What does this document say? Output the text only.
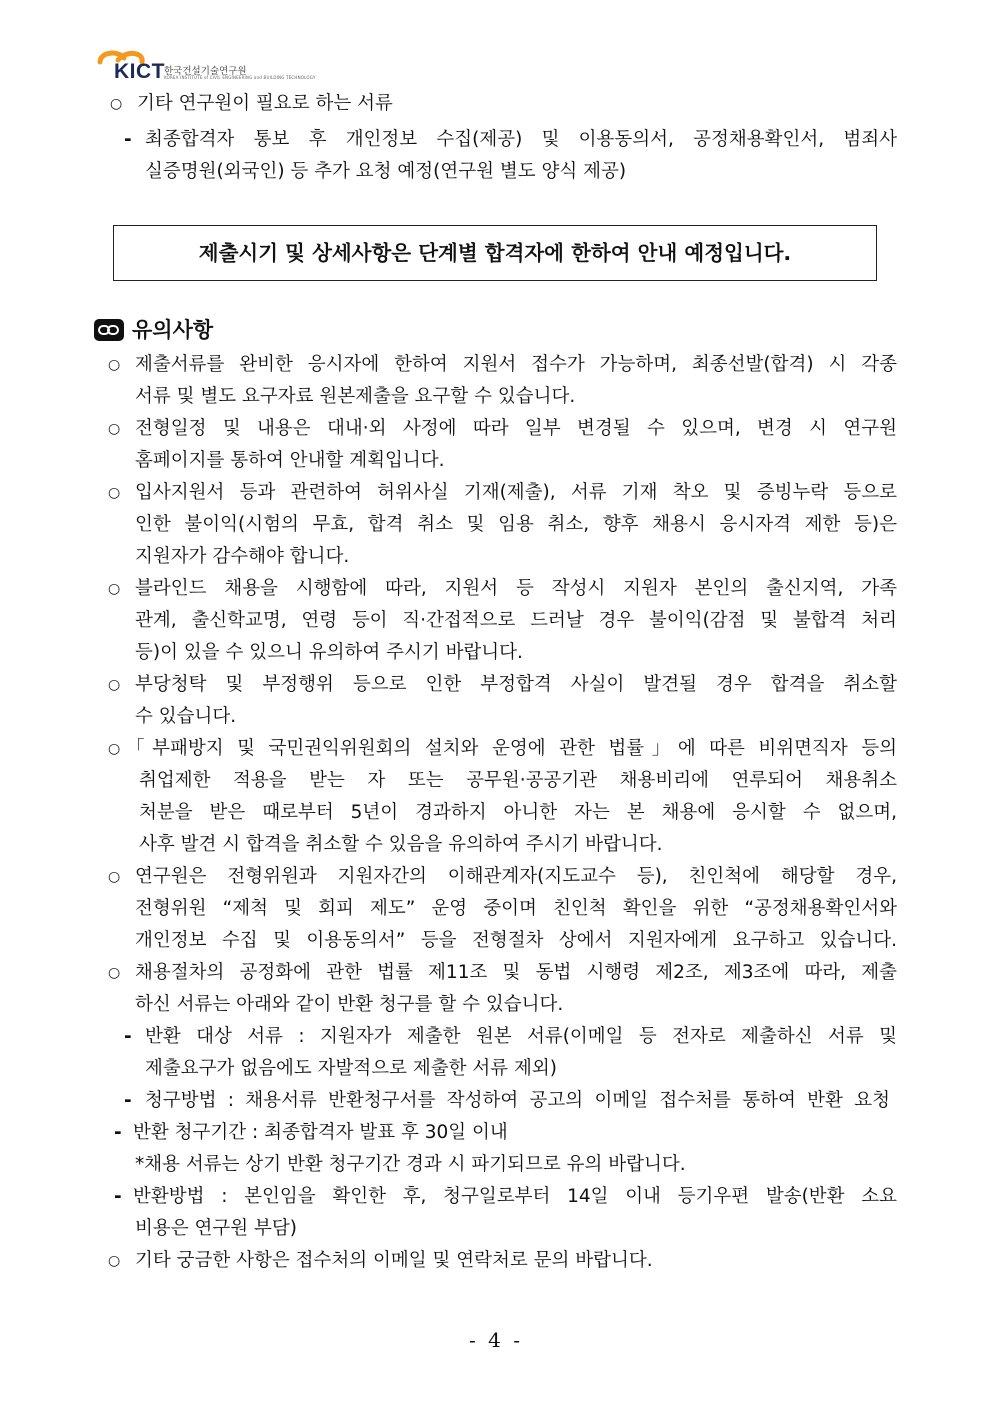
KICT 한국건설기술연구원
KOREA INSTITUTE of CIVIL ENGINEERING and BUILDING TECHNOLOGY
○ 기타 연구원이 필요로 하는 서류
- 최종합격자 통보 후 개인정보 수집(제공) 및 이용동의서, 공정채용확인서, 범죄사
실증명원(외국인) 등 추가 요청 예정(연구원 별도 양식 제공)
제출시기 및 상세사항은 단계별 합격자에 한하여 안내 예정입니다.
유의사항
○ 제출서류를 완비한 응시자에 한하여 지원서 접수가 가능하며, 최종선발(합격) 시 각종
서류 및 별도 요구자료 원본제출을 요구할 수 있습니다.
○ 전형일정 및 내용은 대내·외 사정에 따라 일부 변경될 수 있으며, 변경 시 연구원
홈페이지를 통하여 안내할 계획입니다.
○ 입사지원서 등과 관련하여 허위사실 기재(제출), 서류 기재 착오 및 증빙누락 등으로
인한 불이익(시험의 무효, 합격 취소 및 임용 취소, 향후 채용시 응시자격 제한 등)은
지원자가 감수해야 합니다.
○ 블라인드 채용을 시행함에 따라, 지원서 등 작성시 지원자 본인의 출신지역, 가족
관계, 출신학교명, 연령 등이 직·간접적으로 드러날 경우 불이익(감점 및 불합격 처리
등)이 있을 수 있으니 유의하여 주시기 바랍니다.
○ 부당청탁 및 부정행위 등으로 인한 부정합격 사실이 발견될 경우 합격을 취소할
수 있습니다.
○ 「부패방지 및 국민권익위원회의 설치와 운영에 관한 법률」에 따른 비위면직자 등의
취업제한 적용을 받는 자 또는 공무원·공공기관 채용비리에 연루되어 채용취소
처분을 받은 때로부터 5년이 경과하지 아니한 자는 본 채용에 응시할 수 없으며,
사후 발견 시 합격을 취소할 수 있음을 유의하여 주시기 바랍니다.
○ 연구원은 전형위원과 지원자간의 이해관계자(지도교수 등), 친인척에 해당할 경우,
전형위원 “제척 및 회피 제도” 운영 중이며 친인척 확인을 위한 “공정채용확인서와
개인정보 수집 및 이용동의서” 등을 전형절차 상에서 지원자에게 요구하고 있습니다.
○ 채용절차의 공정화에 관한 법률 제11조 및 동법 시행령 제2조, 제3조에 따라, 제출
하신 서류는 아래와 같이 반환 청구를 할 수 있습니다.
- 반환 대상 서류 : 지원자가 제출한 원본 서류(이메일 등 전자로 제출하신 서류 및
제출요구가 없음에도 자발적으로 제출한 서류 제외)
- 청구방법 : 채용서류 반환청구서를 작성하여 공고의 이메일 접수처를 통하여 반환 요청
- 반환 청구기간 : 최종합격자 발표 후 30일 이내
*채용 서류는 상기 반환 청구기간 경과 시 파기되므로 유의 바랍니다.
- 반환방법 : 본인임을 확인한 후, 청구일로부터 14일 이내 등기우편 발송(반환 소요
비용은 연구원 부담)
○ 기타 궁금한 사항은 접수처의 이메일 및 연락처로 문의 바랍니다.
- 4 -
